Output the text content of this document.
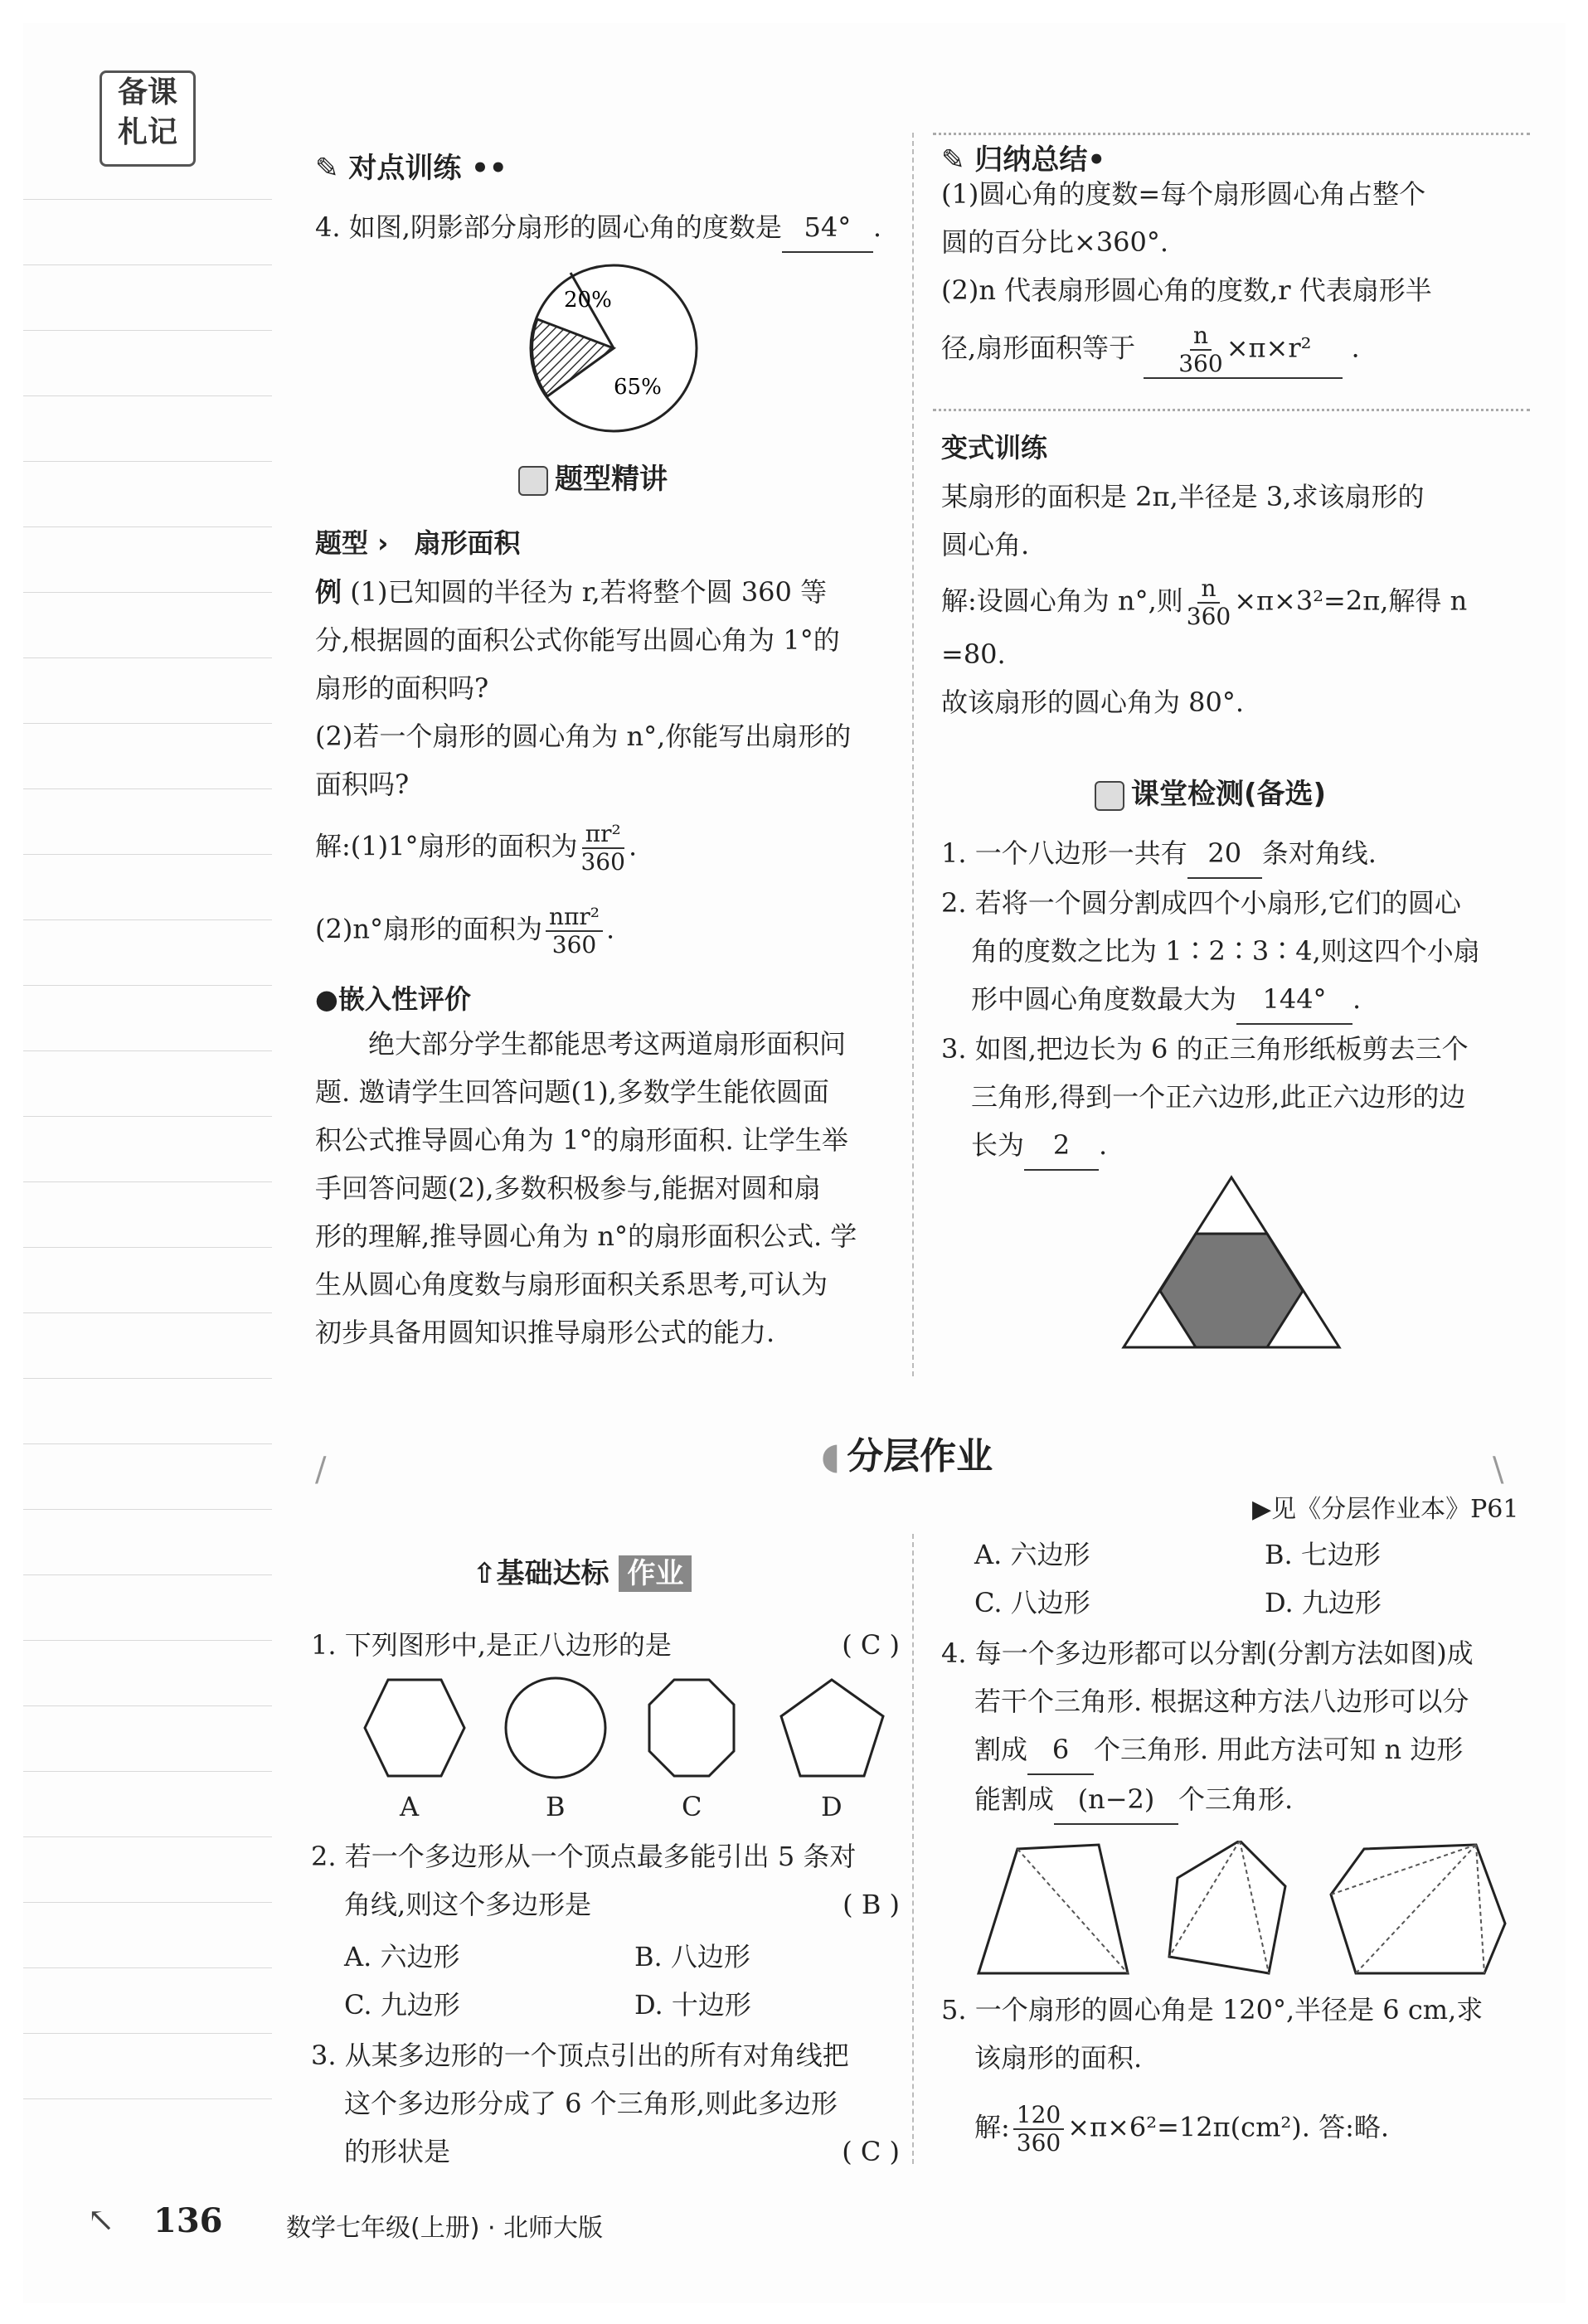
备课
札记
✎ 对点训练 ••
4. 如图,阴影部分扇形的圆心角的度数是 54° .
20%
65%
题型精讲
题型 › 扇形面积
例 (1)已知圆的半径为 r,若将整个圆 360 等
分,根据圆的面积公式你能写出圆心角为 1°的
扇形的面积吗?
(2)若一个扇形的圆心角为 n°,你能写出扇形的
面积吗?
解:(1)1°扇形的面积为 $\frac{\text{πr²}}{360}$ .
(2)n°扇形的面积为 $\frac{\text{nπr²}}{360}$ .
●嵌入性评价
绝大部分学生都能思考这两道扇形面积问
题. 邀请学生回答问题(1),多数学生能依圆面
积公式推导圆心角为 1°的扇形面积. 让学生举
手回答问题(2),多数积极参与,能据对圆和扇
形的理解,推导圆心角为 n°的扇形面积公式. 学
生从圆心角度数与扇形面积关系思考,可认为
初步具备用圆知识推导扇形公式的能力.
✎ 归纳总结•
(1)圆心角的度数=每个扇形圆心角占整个
圆的百分比×360°.
(2)n 代表扇形圆心角的度数,r 代表扇形半
径,扇形面积等于 $\frac{n}{360} \times\pi\times r^2$ .
变式训练
某扇形的面积是 2π,半径是 3,求该扇形的
圆心角.
解:设圆心角为 n°,则 $\frac{n}{360} \times\pi\times 3^2=2\pi$,解得 n
=80.
故该扇形的圆心角为 80°.
课堂检测(备选)
1. 一个八边形一共有 20 条对角线.
2. 若将一个圆分割成四个小扇形,它们的圆心
角的度数之比为 1∶2∶3∶4,则这四个小扇
形中圆心角度数最大为 144° .
3. 如图,把边长为 6 的正三角形纸板剪去三个
三角形,得到一个正六边形,此正六边形的边
长为 2 .
/	\
◖ 分层作业
▶见《分层作业本》P61
⇧基础达标 作业
1. 下列图形中,是正八边形的是	( C )
A	B	C	D
2. 若一个多边形从一个顶点最多能引出 5 条对
角线,则这个多边形是	( B )
A. 六边形	B. 八边形
C. 九边形	D. 十边形
3. 从某多边形的一个顶点引出的所有对角线把
这个多边形分成了 6 个三角形,则此多边形
的形状是	( C )
A. 六边形	B. 七边形
C. 八边形	D. 九边形
4. 每一个多边形都可以分割(分割方法如图)成
若干个三角形. 根据这种方法八边形可以分
割成 6 个三角形. 用此方法可知 n 边形
能割成 (n−2) 个三角形.
5. 一个扇形的圆心角是 120°,半径是 6 cm,求
该扇形的面积.
解: $\frac{120}{360} \times\pi\times 6^2=12\pi(cm^2)$. 答:略.
↖ 136	数学七年级(上册) · 北师大版
